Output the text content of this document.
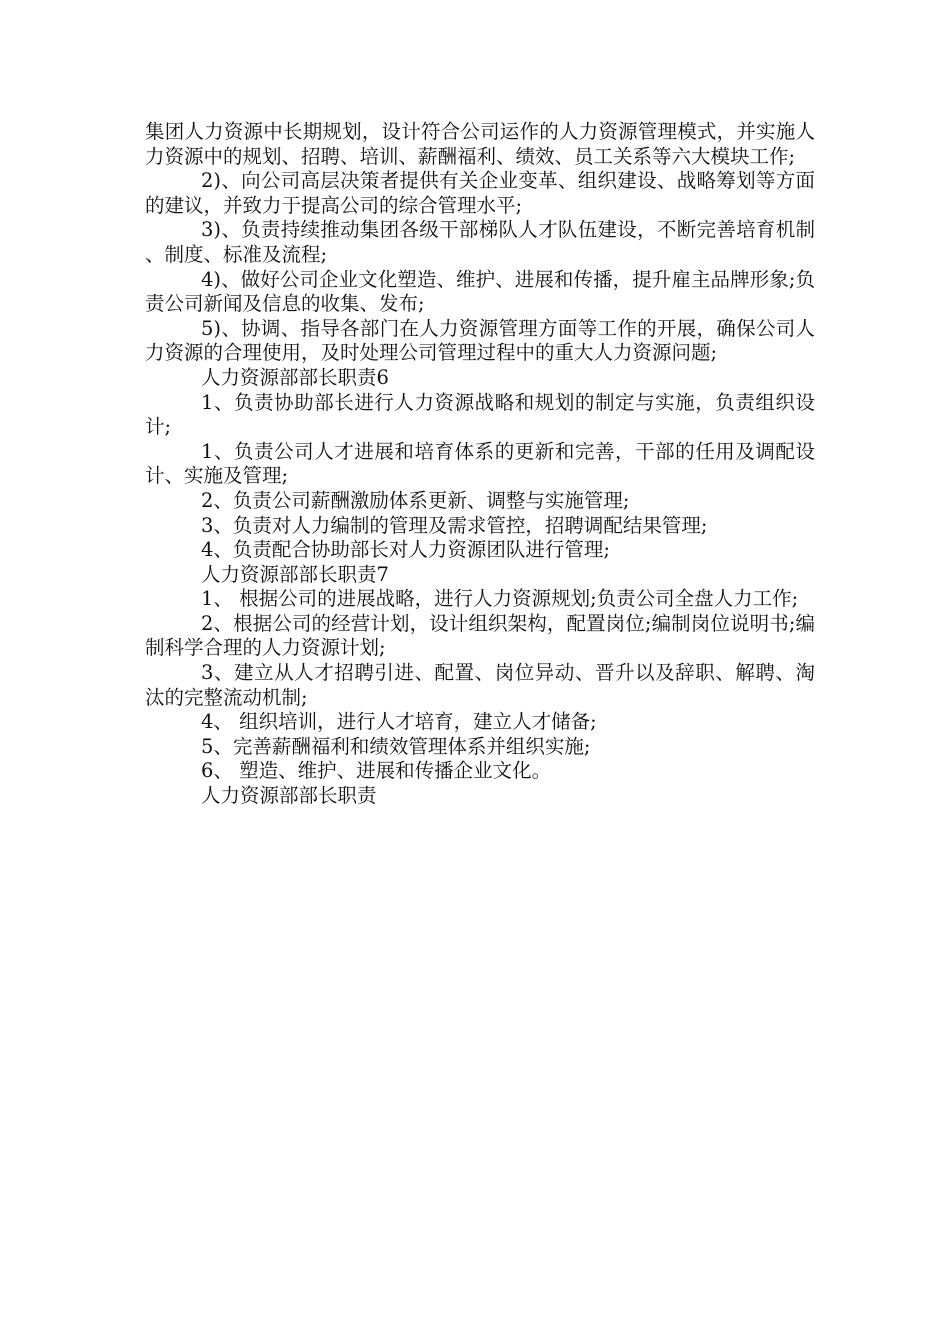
集团人力资源中长期规划，设计符合公司运作的人力资源管理模式，并实施人力资源中的规划、招聘、培训、薪酬福利、绩效、员工关系等六大模块工作;

2)、向公司高层决策者提供有关企业变革、组织建设、战略筹划等方面的建议，并致力于提高公司的综合管理水平;

3)、负责持续推动集团各级干部梯队人才队伍建设，不断完善培育机制、制度、标准及流程;

4)、做好公司企业文化塑造、维护、进展和传播，提升雇主品牌形象;负责公司新闻及信息的收集、发布;

5)、协调、指导各部门在人力资源管理方面等工作的开展，确保公司人力资源的合理使用，及时处理公司管理过程中的重大人力资源问题;

人力资源部部长职责6

1、负责协助部长进行人力资源战略和规划的制定与实施，负责组织设计;

1、负责公司人才进展和培育体系的更新和完善，干部的任用及调配设计、实施及管理;

2、负责公司薪酬激励体系更新、调整与实施管理;

3、负责对人力编制的管理及需求管控，招聘调配结果管理;

4、负责配合协助部长对人力资源团队进行管理;

人力资源部部长职责7

1、 根据公司的进展战略，进行人力资源规划;负责公司全盘人力工作;

2、根据公司的经营计划，设计组织架构，配置岗位;编制岗位说明书;编制科学合理的人力资源计划;

3、建立从人才招聘引进、配置、岗位异动、晋升以及辞职、解聘、淘汰的完整流动机制;

4、 组织培训，进行人才培育，建立人才储备;

5、完善薪酬福利和绩效管理体系并组织实施;

6、 塑造、维护、进展和传播企业文化。

人力资源部部长职责
